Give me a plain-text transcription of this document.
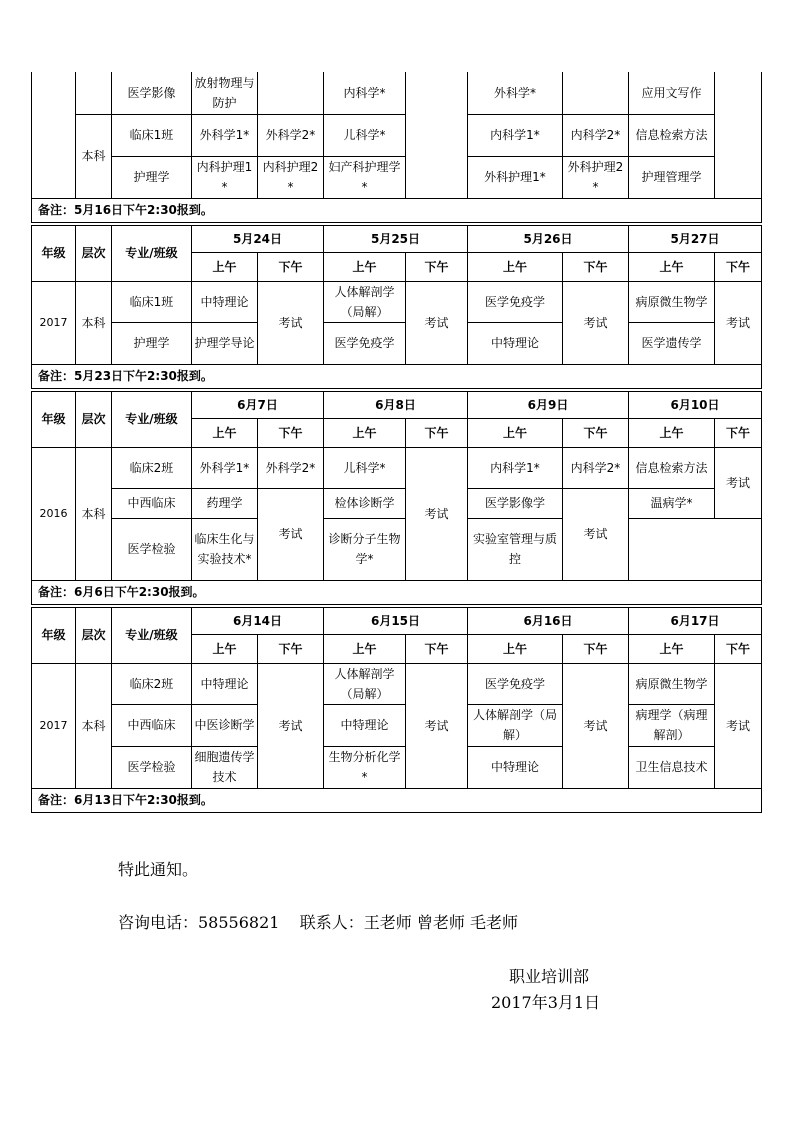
		医学影像	放射物理与防护		内科学*		外科学*		应用文写作	
	本科	临床1班	外科学1*	外科学2*	儿科学*		内科学1*	内科学2*	信息检索方法	
		护理学	内科护理1*	内科护理2*	妇产科护理学*		外科护理1*	外科护理2*	护理管理学	
备注：5月16日下午2:30报到。										

年级	层次	专业/班级	5月24日		5月25日		5月26日		5月27日	
			上午	下午	上午	下午	上午	下午	上午	下午
2017	本科	临床1班	中特理论	考试	人体解剖学（局解）	考试	医学免疫学	考试	病原微生物学	考试
		护理学	护理学导论		医学免疫学		中特理论		医学遗传学	
备注：5月23日下午2:30报到。										

年级	层次	专业/班级	6月7日		6月8日		6月9日		6月10日	
			上午	下午	上午	下午	上午	下午	上午	下午
2016	本科	临床2班	外科学1*	外科学2*	儿科学*	考试	内科学1*	内科学2*	信息检索方法	考试
		中西临床	药理学	考试	检体诊断学		医学影像学	考试	温病学*	
		医学检验	临床生化与实验技术*		诊断分子生物学*		实验室管理与质控			
备注：6月6日下午2:30报到。										

年级	层次	专业/班级	6月14日		6月15日		6月16日		6月17日	
			上午	下午	上午	下午	上午	下午	上午	下午
2017	本科	临床2班	中特理论	考试	人体解剖学（局解）	考试	医学免疫学	考试	病原微生物学	考试
		中西临床	中医诊断学		中特理论		人体解剖学（局解）		病理学（病理解剖）	
		医学检验	细胞遗传学技术		生物分析化学*		中特理论		卫生信息技术	
备注：6月13日下午2:30报到。										
特此通知。
咨询电话：58556821    联系人：王老师 曾老师 毛老师
职业培训部
2017年3月1日
